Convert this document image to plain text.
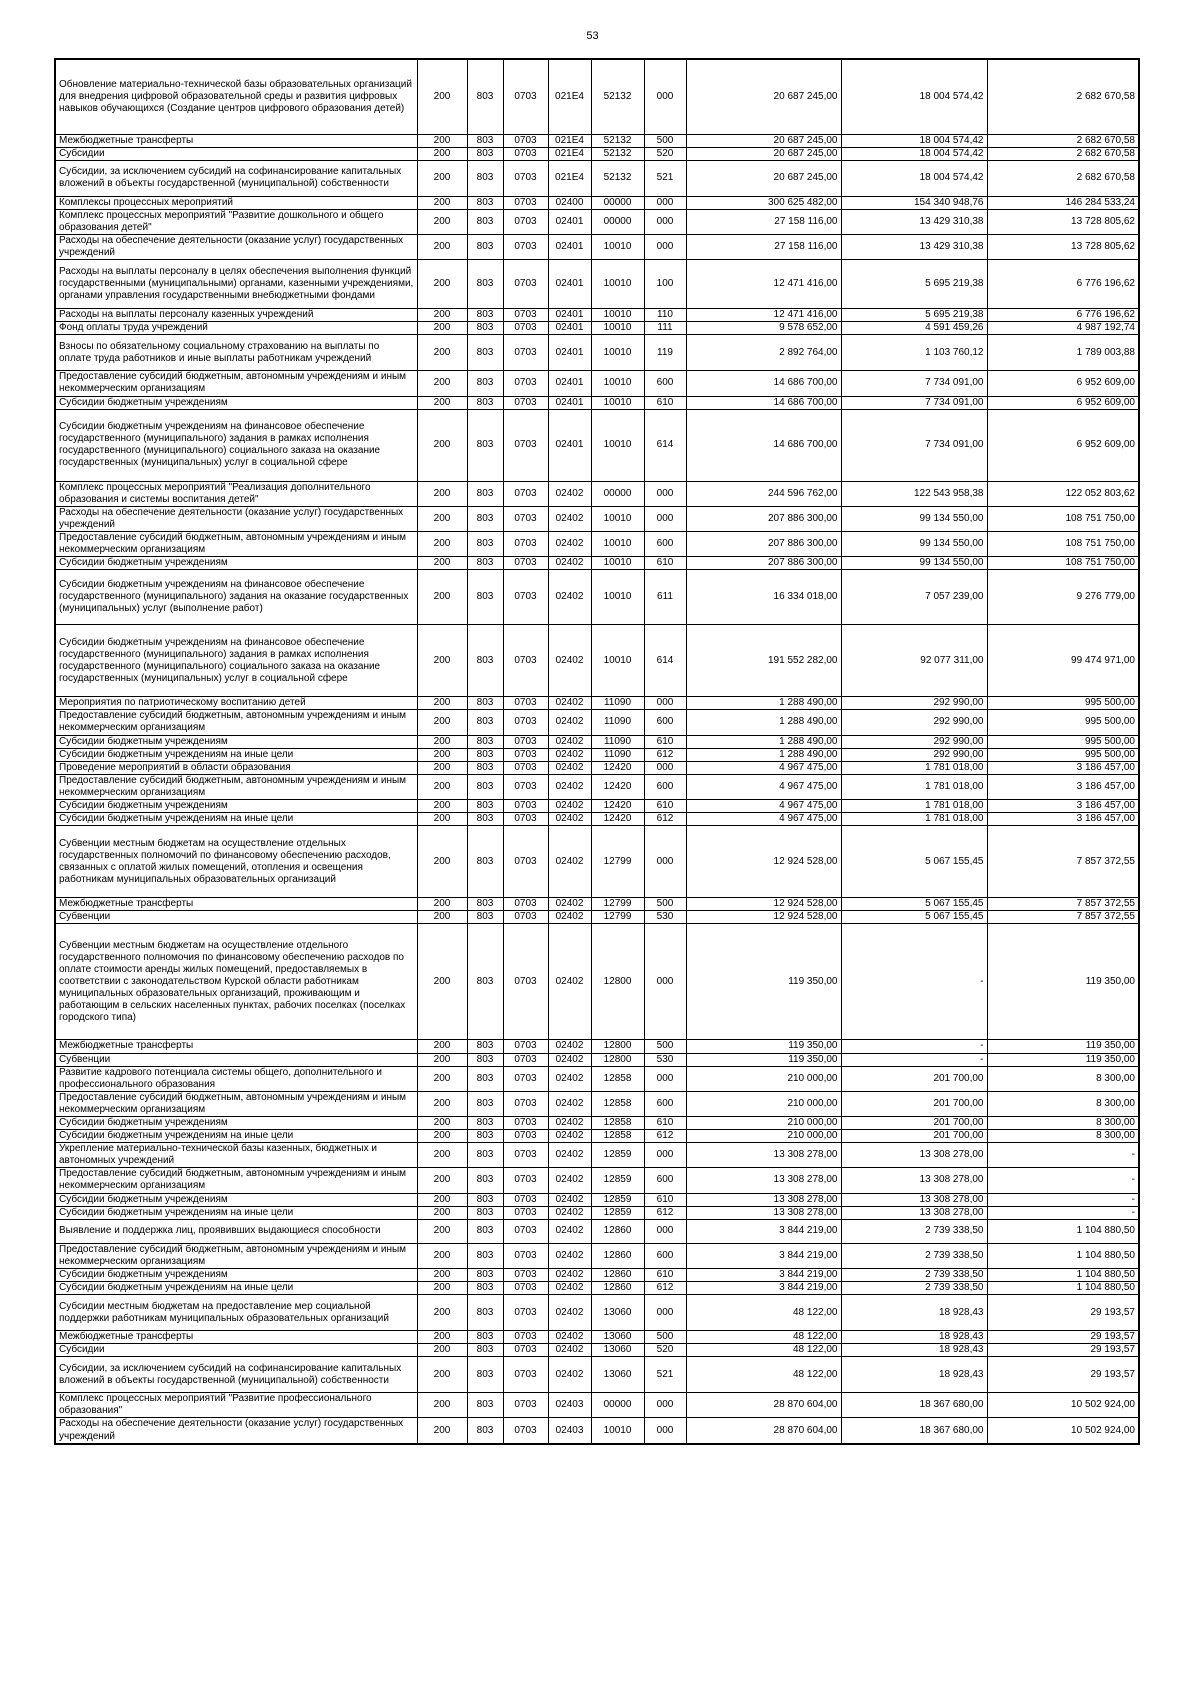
53
Обновление материально-технической базы образовательных организаций для внедрения цифровой образовательной среды и развития цифровых навыков обучающихся (Создание центров цифрового образования детей)	200	803	0703	021E4	52132	000	20 687 245,00	18 004 574,42	2 682 670,58
Межбюджетные трансферты	200	803	0703	021E4	52132	500	20 687 245,00	18 004 574,42	2 682 670,58
Субсидии	200	803	0703	021E4	52132	520	20 687 245,00	18 004 574,42	2 682 670,58
Субсидии, за исключением субсидий на софинансирование капитальных вложений в объекты государственной (муниципальной) собственности	200	803	0703	021E4	52132	521	20 687 245,00	18 004 574,42	2 682 670,58
Комплексы процессных мероприятий	200	803	0703	02400	00000	000	300 625 482,00	154 340 948,76	146 284 533,24
Комплекс процессных мероприятий "Развитие дошкольного и общего образования детей"	200	803	0703	02401	00000	000	27 158 116,00	13 429 310,38	13 728 805,62
Расходы на обеспечение деятельности (оказание услуг) государственных учреждений	200	803	0703	02401	10010	000	27 158 116,00	13 429 310,38	13 728 805,62
Расходы на выплаты персоналу в целях обеспечения выполнения функций государственными (муниципальными) органами, казенными учреждениями, органами управления государственными внебюджетными фондами	200	803	0703	02401	10010	100	12 471 416,00	5 695 219,38	6 776 196,62
Расходы на выплаты персоналу казенных учреждений	200	803	0703	02401	10010	110	12 471 416,00	5 695 219,38	6 776 196,62
Фонд оплаты труда учреждений	200	803	0703	02401	10010	111	9 578 652,00	4 591 459,26	4 987 192,74
Взносы по обязательному социальному страхованию на выплаты по оплате труда работников и иные выплаты работникам учреждений	200	803	0703	02401	10010	119	2 892 764,00	1 103 760,12	1 789 003,88
Предоставление субсидий бюджетным, автономным учреждениям и иным некоммерческим организациям	200	803	0703	02401	10010	600	14 686 700,00	7 734 091,00	6 952 609,00
Субсидии бюджетным учреждениям	200	803	0703	02401	10010	610	14 686 700,00	7 734 091,00	6 952 609,00
Субсидии бюджетным учреждениям на финансовое обеспечение государственного (муниципального) задания в рамках исполнения государственного (муниципального) социального заказа на оказание государственных (муниципальных) услуг в социальной сфере	200	803	0703	02401	10010	614	14 686 700,00	7 734 091,00	6 952 609,00
Комплекс процессных мероприятий "Реализация дополнительного образования и системы воспитания детей"	200	803	0703	02402	00000	000	244 596 762,00	122 543 958,38	122 052 803,62
Расходы на обеспечение деятельности (оказание услуг) государственных учреждений	200	803	0703	02402	10010	000	207 886 300,00	99 134 550,00	108 751 750,00
Предоставление субсидий бюджетным, автономным учреждениям и иным некоммерческим организациям	200	803	0703	02402	10010	600	207 886 300,00	99 134 550,00	108 751 750,00
Субсидии бюджетным учреждениям	200	803	0703	02402	10010	610	207 886 300,00	99 134 550,00	108 751 750,00
Субсидии бюджетным учреждениям на финансовое обеспечение государственного (муниципального) задания на оказание государственных (муниципальных) услуг (выполнение работ)	200	803	0703	02402	10010	611	16 334 018,00	7 057 239,00	9 276 779,00
Субсидии бюджетным учреждениям на финансовое обеспечение государственного (муниципального) задания в рамках исполнения государственного (муниципального) социального заказа на оказание государственных (муниципальных) услуг в социальной сфере	200	803	0703	02402	10010	614	191 552 282,00	92 077 311,00	99 474 971,00
Мероприятия по патриотическому воспитанию детей	200	803	0703	02402	11090	000	1 288 490,00	292 990,00	995 500,00
Предоставление субсидий бюджетным, автономным учреждениям и иным некоммерческим организациям	200	803	0703	02402	11090	600	1 288 490,00	292 990,00	995 500,00
Субсидии бюджетным учреждениям	200	803	0703	02402	11090	610	1 288 490,00	292 990,00	995 500,00
Субсидии бюджетным учреждениям на иные цели	200	803	0703	02402	11090	612	1 288 490,00	292 990,00	995 500,00
Проведение мероприятий в области образования	200	803	0703	02402	12420	000	4 967 475,00	1 781 018,00	3 186 457,00
Предоставление субсидий бюджетным, автономным учреждениям и иным некоммерческим организациям	200	803	0703	02402	12420	600	4 967 475,00	1 781 018,00	3 186 457,00
Субсидии бюджетным учреждениям	200	803	0703	02402	12420	610	4 967 475,00	1 781 018,00	3 186 457,00
Субсидии бюджетным учреждениям на иные цели	200	803	0703	02402	12420	612	4 967 475,00	1 781 018,00	3 186 457,00
Субвенции местным бюджетам на осуществление отдельных государственных полномочий по финансовому обеспечению расходов, связанных с оплатой жилых помещений, отопления и освещения работникам муниципальных образовательных организаций	200	803	0703	02402	12799	000	12 924 528,00	5 067 155,45	7 857 372,55
Межбюджетные трансферты	200	803	0703	02402	12799	500	12 924 528,00	5 067 155,45	7 857 372,55
Субвенции	200	803	0703	02402	12799	530	12 924 528,00	5 067 155,45	7 857 372,55
Субвенции местным бюджетам на осуществление отдельного государственного полномочия по финансовому обеспечению расходов по оплате стоимости аренды жилых помещений, предоставляемых в соответствии с законодательством Курской области работникам муниципальных образовательных организаций, проживающим и работающим в сельских населенных пунктах, рабочих поселках (поселках городского типа)	200	803	0703	02402	12800	000	119 350,00	-	119 350,00
Межбюджетные трансферты	200	803	0703	02402	12800	500	119 350,00	-	119 350,00
Субвенции	200	803	0703	02402	12800	530	119 350,00	-	119 350,00
Развитие кадрового потенциала системы общего, дополнительного и профессионального образования	200	803	0703	02402	12858	000	210 000,00	201 700,00	8 300,00
Предоставление субсидий бюджетным, автономным учреждениям и иным некоммерческим организациям	200	803	0703	02402	12858	600	210 000,00	201 700,00	8 300,00
Субсидии бюджетным учреждениям	200	803	0703	02402	12858	610	210 000,00	201 700,00	8 300,00
Субсидии бюджетным учреждениям на иные цели	200	803	0703	02402	12858	612	210 000,00	201 700,00	8 300,00
Укрепление материально-технической базы казенных, бюджетных и автономных учреждений	200	803	0703	02402	12859	000	13 308 278,00	13 308 278,00	-
Предоставление субсидий бюджетным, автономным учреждениям и иным некоммерческим организациям	200	803	0703	02402	12859	600	13 308 278,00	13 308 278,00	-
Субсидии бюджетным учреждениям	200	803	0703	02402	12859	610	13 308 278,00	13 308 278,00	-
Субсидии бюджетным учреждениям на иные цели	200	803	0703	02402	12859	612	13 308 278,00	13 308 278,00	-
Выявление и поддержка лиц, проявивших выдающиеся способности	200	803	0703	02402	12860	000	3 844 219,00	2 739 338,50	1 104 880,50
Предоставление субсидий бюджетным, автономным учреждениям и иным некоммерческим организациям	200	803	0703	02402	12860	600	3 844 219,00	2 739 338,50	1 104 880,50
Субсидии бюджетным учреждениям	200	803	0703	02402	12860	610	3 844 219,00	2 739 338,50	1 104 880,50
Субсидии бюджетным учреждениям на иные цели	200	803	0703	02402	12860	612	3 844 219,00	2 739 338,50	1 104 880,50
Субсидии местным бюджетам на предоставление мер социальной поддержки работникам муниципальных образовательных организаций	200	803	0703	02402	13060	000	48 122,00	18 928,43	29 193,57
Межбюджетные трансферты	200	803	0703	02402	13060	500	48 122,00	18 928,43	29 193,57
Субсидии	200	803	0703	02402	13060	520	48 122,00	18 928,43	29 193,57
Субсидии, за исключением субсидий на софинансирование капитальных вложений в объекты государственной (муниципальной) собственности	200	803	0703	02402	13060	521	48 122,00	18 928,43	29 193,57
Комплекс процессных мероприятий "Развитие профессионального образования"	200	803	0703	02403	00000	000	28 870 604,00	18 367 680,00	10 502 924,00
Расходы на обеспечение деятельности (оказание услуг) государственных учреждений	200	803	0703	02403	10010	000	28 870 604,00	18 367 680,00	10 502 924,00
